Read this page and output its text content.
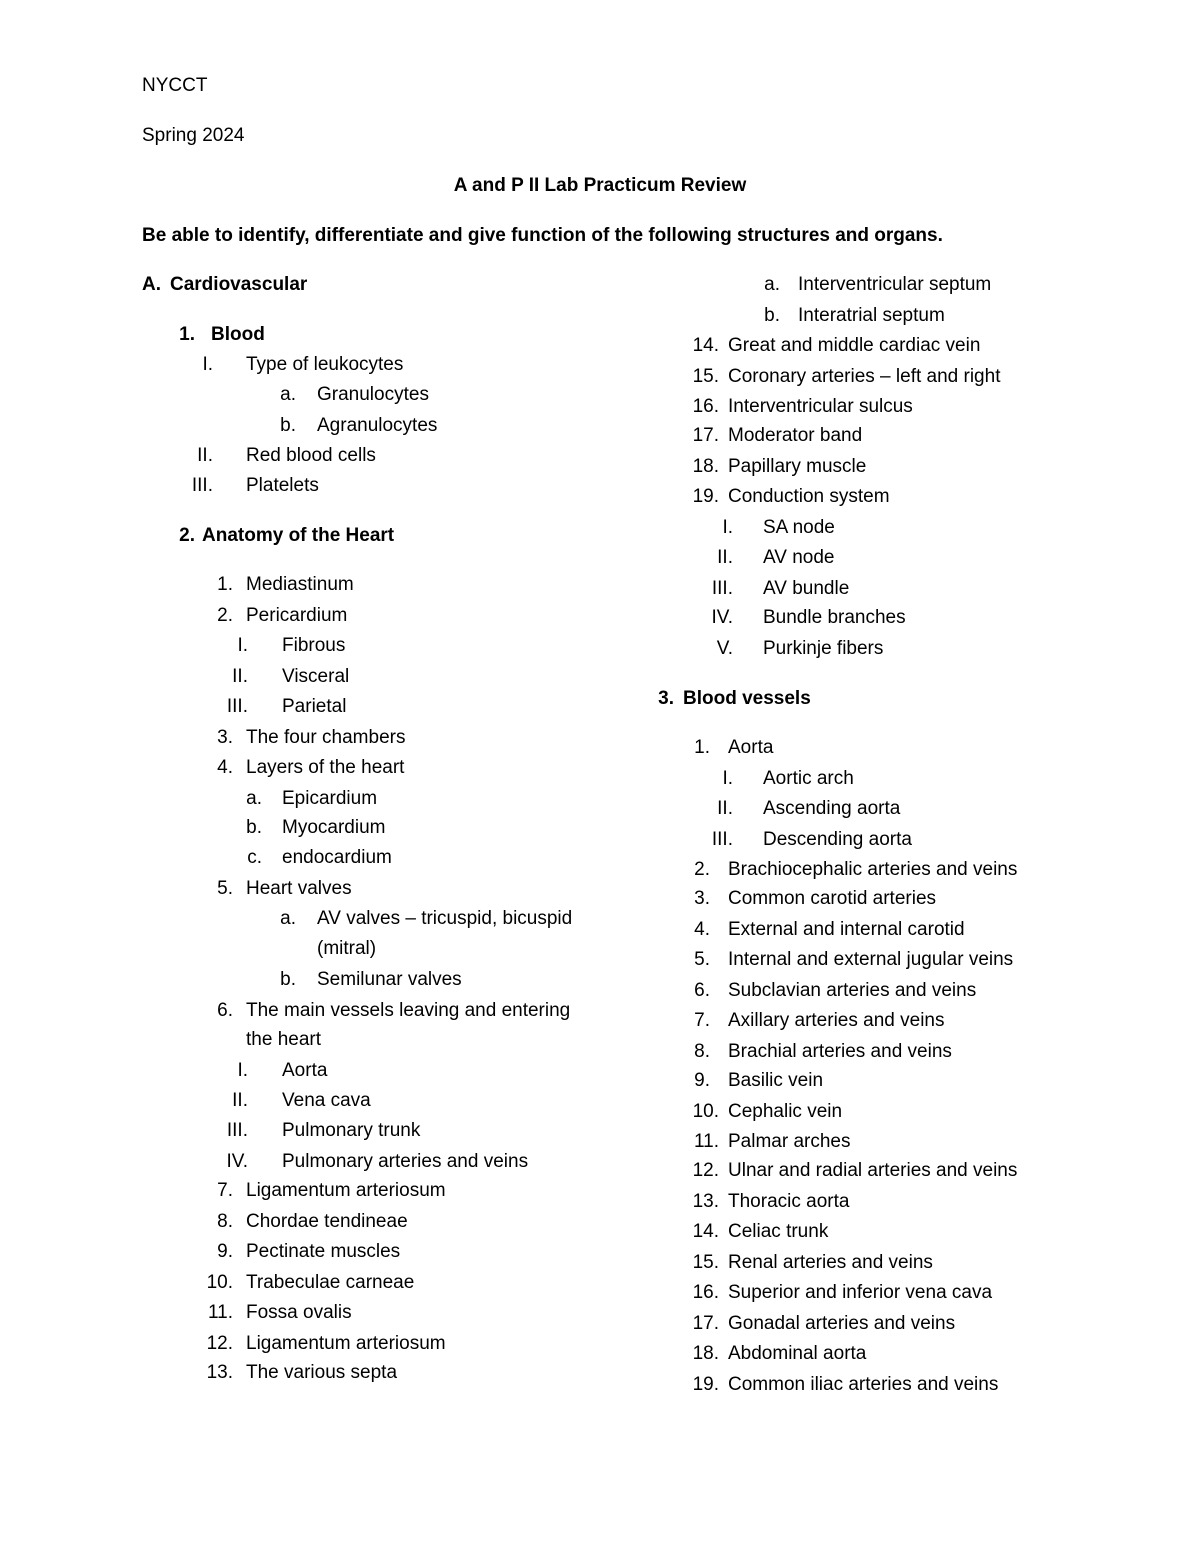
NYCCT
Spring 2024
A and P II Lab Practicum Review
Be able to identify, differentiate and give function of the following structures and organs.
A. Cardiovascular
1. Blood
I. Type of leukocytes
a. Granulocytes
b. Agranulocytes
II. Red blood cells
III. Platelets
2. Anatomy of the Heart
1. Mediastinum
2. Pericardium
I. Fibrous
II. Visceral
III. Parietal
3. The four chambers
4. Layers of the heart
a. Epicardium
b. Myocardium
c. endocardium
5. Heart valves
a. AV valves – tricuspid, bicuspid
(mitral)
b. Semilunar valves
6. The main vessels leaving and entering
the heart
I. Aorta
II. Vena cava
III. Pulmonary trunk
IV. Pulmonary arteries and veins
7. Ligamentum arteriosum
8. Chordae tendineae
9. Pectinate muscles
10. Trabeculae carneae
11. Fossa ovalis
12. Ligamentum arteriosum
13. The various septa
a. Interventricular septum
b. Interatrial septum
14. Great and middle cardiac vein
15. Coronary arteries – left and right
16. Interventricular sulcus
17. Moderator band
18. Papillary muscle
19. Conduction system
I. SA node
II. AV node
III. AV bundle
IV. Bundle branches
V. Purkinje fibers
3. Blood vessels
1. Aorta
I. Aortic arch
II. Ascending aorta
III. Descending aorta
2. Brachiocephalic arteries and veins
3. Common carotid arteries
4. External and internal carotid
5. Internal and external jugular veins
6. Subclavian arteries and veins
7. Axillary arteries and veins
8. Brachial arteries and veins
9. Basilic vein
10. Cephalic vein
11. Palmar arches
12. Ulnar and radial arteries and veins
13. Thoracic aorta
14. Celiac trunk
15. Renal arteries and veins
16. Superior and inferior vena cava
17. Gonadal arteries and veins
18. Abdominal aorta
19. Common iliac arteries and veins
